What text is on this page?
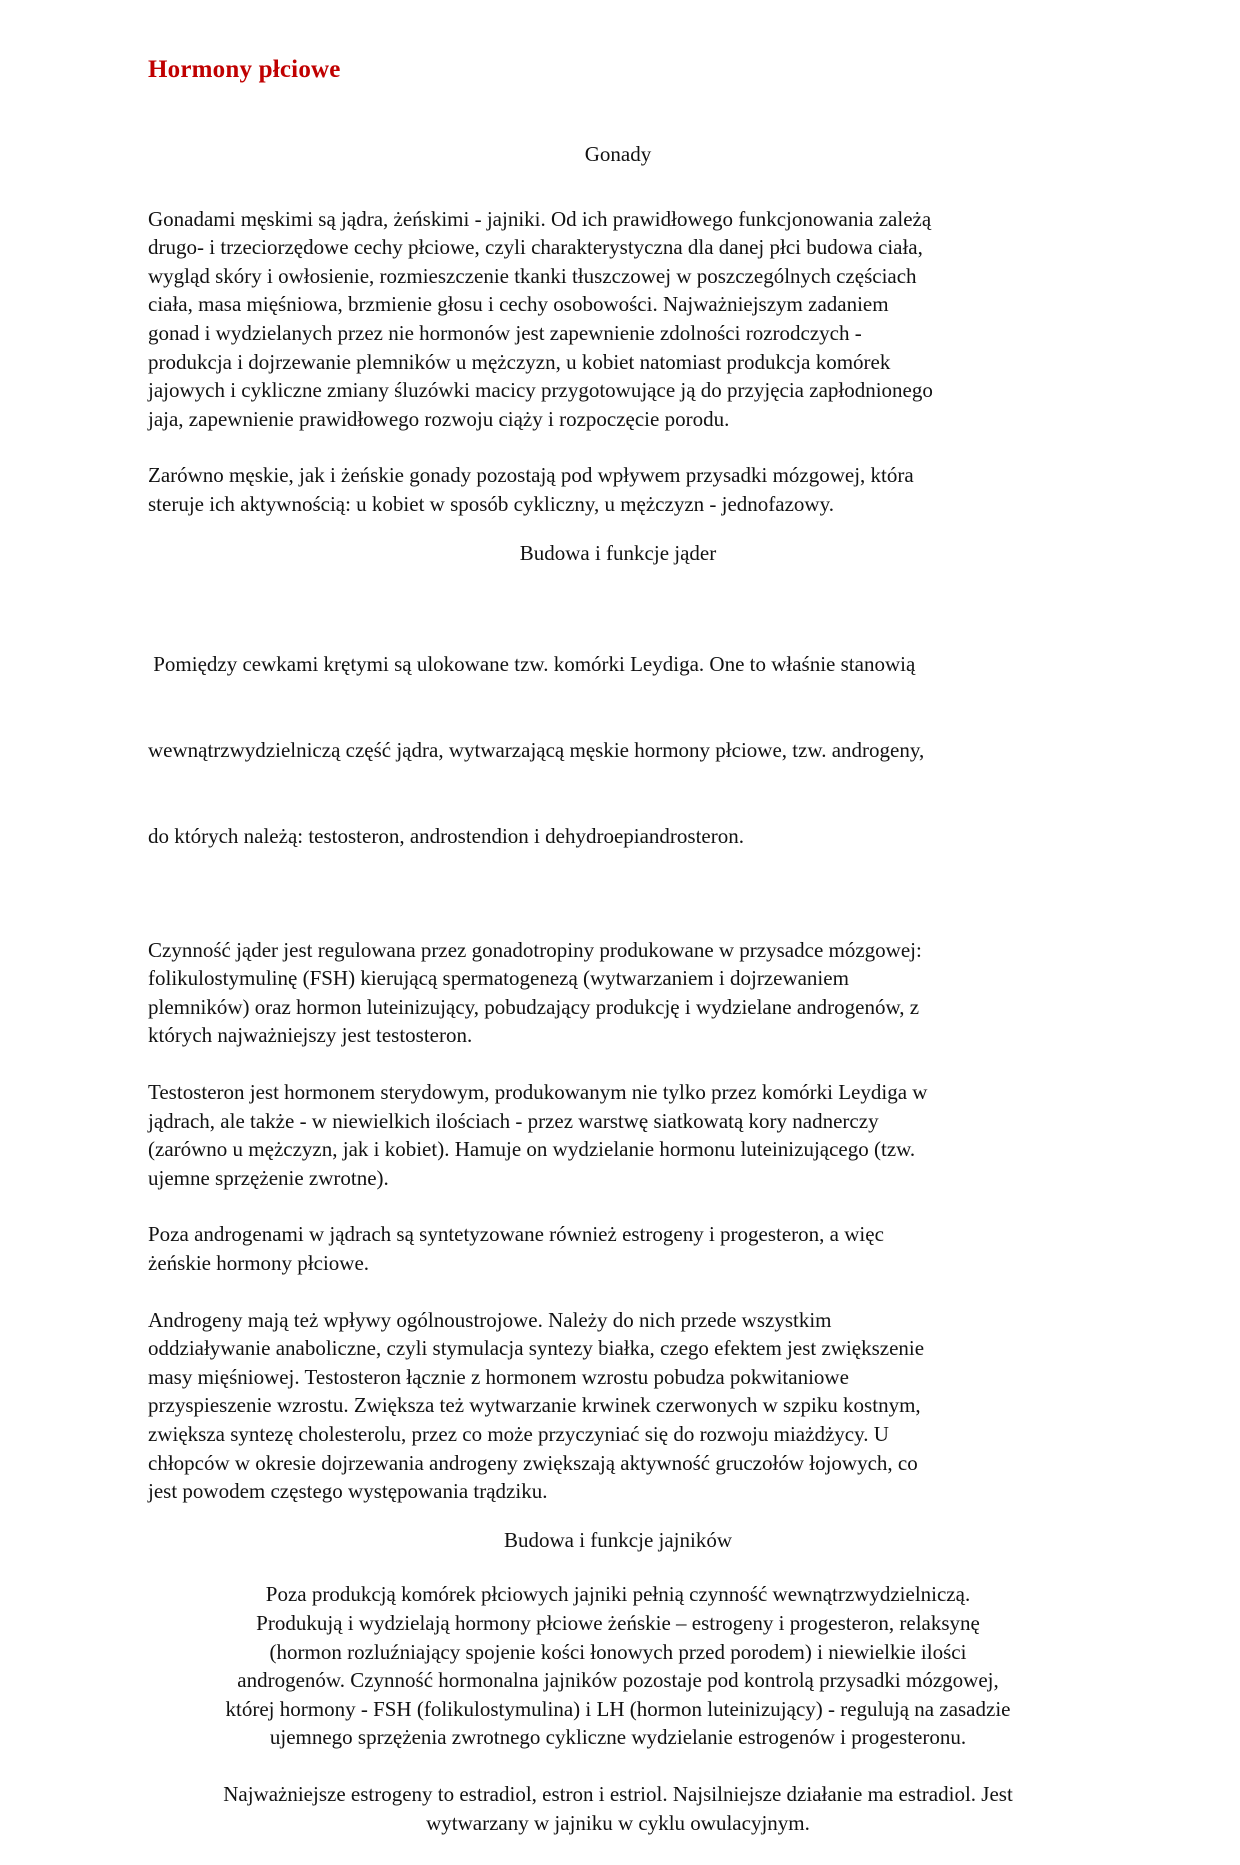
Hormony płciowe
Gonady

Gonadami męskimi są jądra, żeńskimi - jajniki. Od ich prawidłowego funkcjonowania zależą
drugo- i trzeciorzędowe cechy płciowe, czyli charakterystyczna dla danej płci budowa ciała,
wygląd skóry i owłosienie, rozmieszczenie tkanki tłuszczowej w poszczególnych częściach
ciała, masa mięśniowa, brzmienie głosu i cechy osobowości. Najważniejszym zadaniem
gonad i wydzielanych przez nie hormonów jest zapewnienie zdolności rozrodczych -
produkcja i dojrzewanie plemników u mężczyzn, u kobiet natomiast produkcja komórek
jajowych i cykliczne zmiany śluzówki macicy przygotowujące ją do przyjęcia zapłodnionego
jaja, zapewnienie prawidłowego rozwoju ciąży i rozpoczęcie porodu.

Zarówno męskie, jak i żeńskie gonady pozostają pod wpływem przysadki mózgowej, która
steruje ich aktywnością: u kobiet w sposób cykliczny, u mężczyzn - jednofazowy.

Budowa i funkcje jąder

Pomiędzy cewkami krętymi są ulokowane tzw. komórki Leydiga. One to właśnie stanowią

wewnątrzwydzielniczą część jądra, wytwarzającą męskie hormony płciowe, tzw. androgeny,

do których należą: testosteron, androstendion i dehydroepiandrosteron.

Czynność jąder jest regulowana przez gonadotropiny produkowane w przysadce mózgowej:
folikulostymulinę (FSH) kierującą spermatogenezą (wytwarzaniem i dojrzewaniem
plemników) oraz hormon luteinizujący, pobudzający produkcję i wydzielane androgenów, z
których najważniejszy jest testosteron.

Testosteron jest hormonem sterydowym, produkowanym nie tylko przez komórki Leydiga w
jądrach, ale także - w niewielkich ilościach - przez warstwę siatkowatą kory nadnerczy
(zarówno u mężczyzn, jak i kobiet). Hamuje on wydzielanie hormonu luteinizującego (tzw.
ujemne sprzężenie zwrotne).

Poza androgenami w jądrach są syntetyzowane również estrogeny i progesteron, a więc
żeńskie hormony płciowe.

Androgeny mają też wpływy ogólnoustrojowe. Należy do nich przede wszystkim
oddziaływanie anaboliczne, czyli stymulacja syntezy białka, czego efektem jest zwiększenie
masy mięśniowej. Testosteron łącznie z hormonem wzrostu pobudza pokwitaniowe
przyspieszenie wzrostu. Zwiększa też wytwarzanie krwinek czerwonych w szpiku kostnym,
zwiększa syntezę cholesterolu, przez co może przyczyniać się do rozwoju miażdżycy. U
chłopców w okresie dojrzewania androgeny zwiększają aktywność gruczołów łojowych, co
jest powodem częstego występowania trądziku.

Budowa i funkcje jajników

Poza produkcją komórek płciowych jajniki pełnią czynność wewnątrzwydzielniczą.
Produkują i wydzielają hormony płciowe żeńskie – estrogeny i progesteron, relaksynę
(hormon rozluźniający spojenie kości łonowych przed porodem) i niewielkie ilości
androgenów. Czynność hormonalna jajników pozostaje pod kontrolą przysadki mózgowej,
której hormony - FSH (folikulostymulina) i LH (hormon luteinizujący) - regulują na zasadzie
ujemnego sprzężenia zwrotnego cykliczne wydzielanie estrogenów i progesteronu.

Najważniejsze estrogeny to estradiol, estron i estriol. Najsilniejsze działanie ma estradiol. Jest
wytwarzany w jajniku w cyklu owulacyjnym.
